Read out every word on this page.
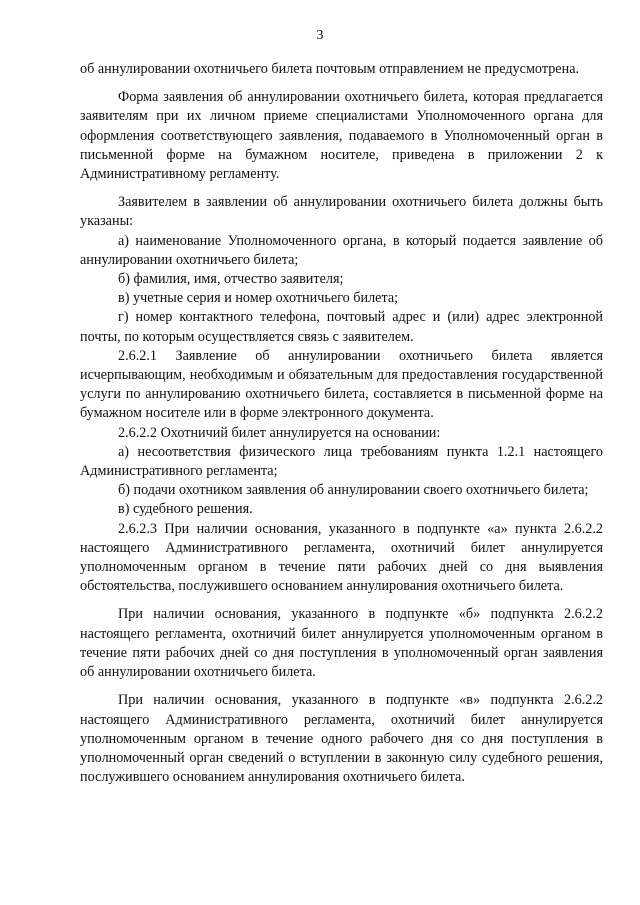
3

об аннулировании охотничьего билета почтовым отправлением не предусмотрена.

Форма заявления об аннулировании охотничьего билета, которая предлагается заявителям при их личном приеме специалистами Уполномоченного органа для оформления соответствующего заявления, подаваемого в Уполномоченный орган в письменной форме на бумажном носителе, приведена в приложении 2 к Административному регламенту.

Заявителем в заявлении об аннулировании охотничьего билета должны быть указаны:

а) наименование Уполномоченного органа, в который подается заявление об аннулировании охотничьего билета;

б) фамилия, имя, отчество заявителя;

в) учетные серия и номер охотничьего билета;

г) номер контактного телефона, почтовый адрес и (или) адрес электронной почты, по которым осуществляется связь с заявителем.

2.6.2.1 Заявление об аннулировании охотничьего билета является исчерпывающим, необходимым и обязательным для предоставления государственной услуги по аннулированию охотничьего билета, составляется в письменной форме на бумажном носителе или в форме электронного документа.

2.6.2.2 Охотничий билет аннулируется на основании:

а) несоответствия физического лица требованиям пункта 1.2.1 настоящего Административного регламента;

б) подачи охотником заявления об аннулировании своего охотничьего билета;

в) судебного решения.

2.6.2.3 При наличии основания, указанного в подпункте «а» пункта 2.6.2.2 настоящего Административного регламента, охотничий билет аннулируется уполномоченным органом в течение пяти рабочих дней со дня выявления обстоятельства, послужившего основанием аннулирования охотничьего билета.

При наличии основания, указанного в подпункте «б» подпункта 2.6.2.2 настоящего регламента, охотничий билет аннулируется уполномоченным органом в течение пяти рабочих дней со дня поступления в уполномоченный орган заявления об аннулировании охотничьего билета.

При наличии основания, указанного в подпункте «в» подпункта 2.6.2.2 настоящего Административного регламента, охотничий билет аннулируется уполномоченным органом в течение одного рабочего дня со дня поступления в уполномоченный орган сведений о вступлении в законную силу судебного решения, послужившего основанием аннулирования охотничьего билета.
